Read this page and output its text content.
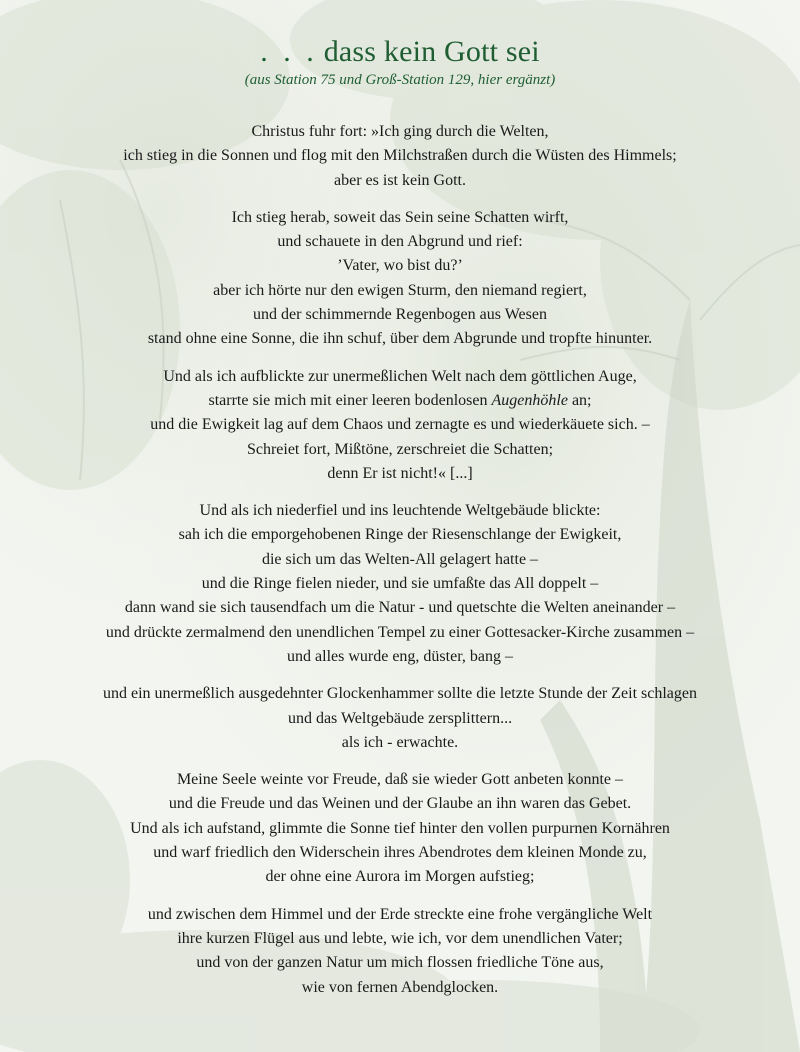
. . . dass kein Gott sei

(aus Station 75 und Groß-Station 129, hier ergänzt)

Christus fuhr fort: »Ich ging durch die Welten,
ich stieg in die Sonnen und flog mit den Milchstraßen durch die Wüsten des Himmels;
aber es ist kein Gott.
Ich stieg herab, soweit das Sein seine Schatten wirft,
und schauete in den Abgrund und rief:
’Vater, wo bist du?’
aber ich hörte nur den ewigen Sturm, den niemand regiert,
und der schimmernde Regenbogen aus Wesen
stand ohne eine Sonne, die ihn schuf, über dem Abgrunde und tropfte hinunter.
Und als ich aufblickte zur unermeßlichen Welt nach dem göttlichen Auge,
starrte sie mich mit einer leeren bodenlosen Augenhöhle an;
und die Ewigkeit lag auf dem Chaos und zernagte es und wiederkäuete sich. –
Schreiet fort, Mißtöne, zerschreiet die Schatten;
denn Er ist nicht!« [...]
Und als ich niederfiel und ins leuchtende Weltgebäude blickte:
sah ich die emporgehobenen Ringe der Riesenschlange der Ewigkeit,
die sich um das Welten-All gelagert hatte –
und die Ringe fielen nieder, und sie umfaßte das All doppelt –
dann wand sie sich tausendfach um die Natur - und quetschte die Welten aneinander –
und drückte zermalmend den unendlichen Tempel zu einer Gottesacker-Kirche zusammen –
und alles wurde eng, düster, bang –
und ein unermeßlich ausgedehnter Glockenhammer sollte die letzte Stunde der Zeit schlagen
und das Weltgebäude zersplittern...
als ich - erwachte.
Meine Seele weinte vor Freude, daß sie wieder Gott anbeten konnte –
und die Freude und das Weinen und der Glaube an ihn waren das Gebet.
Und als ich aufstand, glimmte die Sonne tief hinter den vollen purpurnen Kornähren
und warf friedlich den Widerschein ihres Abendrotes dem kleinen Monde zu,
der ohne eine Aurora im Morgen aufstieg;
und zwischen dem Himmel und der Erde streckte eine frohe vergängliche Welt
ihre kurzen Flügel aus und lebte, wie ich, vor dem unendlichen Vater;
und von der ganzen Natur um mich flossen friedliche Töne aus,
wie von fernen Abendglocken.
